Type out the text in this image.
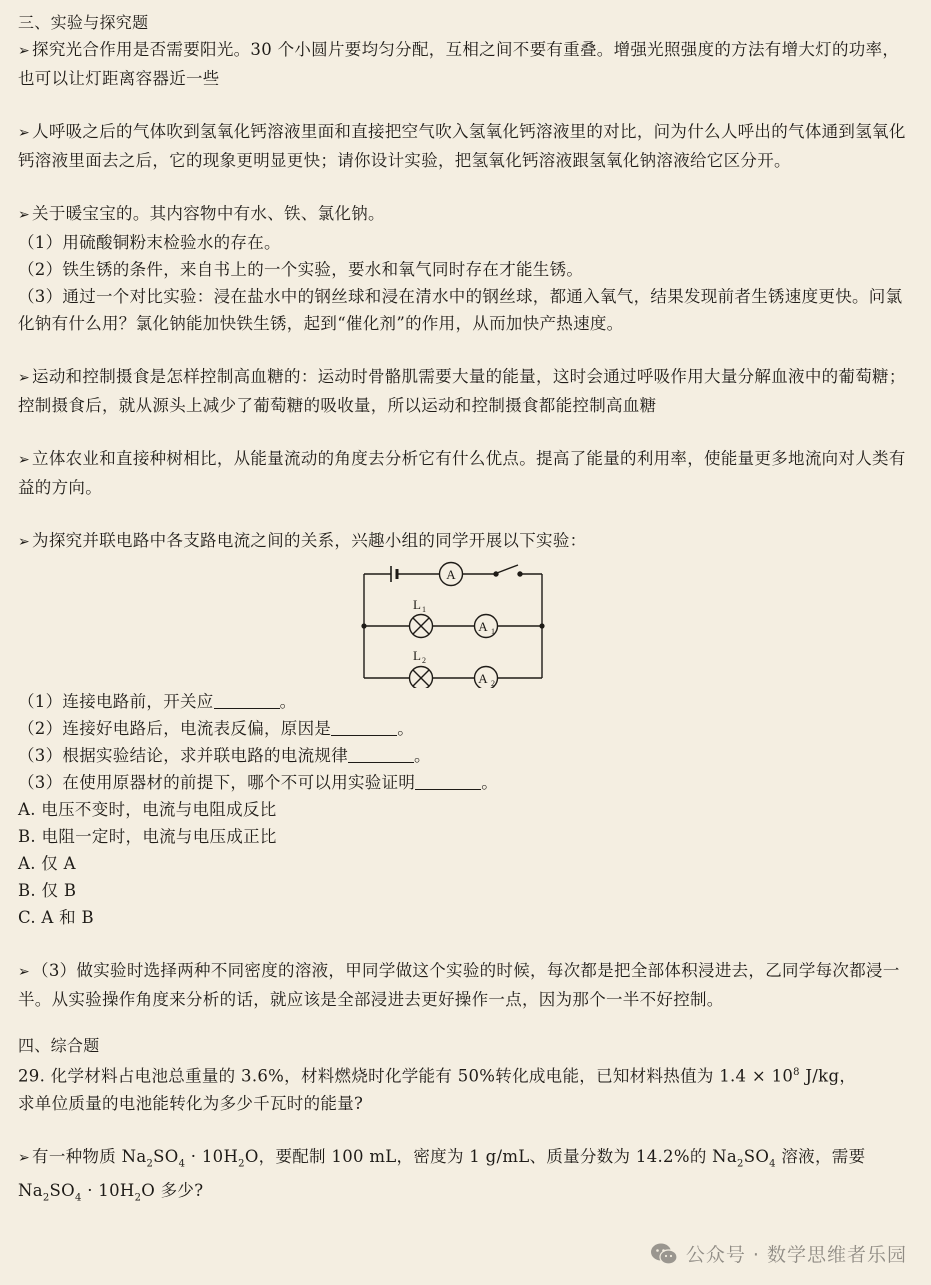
三、实验与探究题

➢ 探究光合作用是否需要阳光。30 个小圆片要均匀分配，互相之间不要有重叠。增强光照强度的方法有增大灯的功率，也可以让灯距离容器近一些

➢ 人呼吸之后的气体吹到氢氧化钙溶液里面和直接把空气吹入氢氧化钙溶液里的对比，问为什么人呼出的气体通到氢氧化钙溶液里面去之后，它的现象更明显更快；请你设计实验，把氢氧化钙溶液跟氢氧化钠溶液给它区分开。

➢ 关于暖宝宝的。其内容物中有水、铁、氯化钠。

（1）用硫酸铜粉末检验水的存在。

（2）铁生锈的条件，来自书上的一个实验，要水和氧气同时存在才能生锈。

（3）通过一个对比实验：浸在盐水中的钢丝球和浸在清水中的钢丝球，都通入氧气，结果发现前者生锈速度更快。问氯化钠有什么用？氯化钠能加快铁生锈，起到“催化剂”的作用，从而加快产热速度。

➢ 运动和控制摄食是怎样控制高血糖的：运动时骨骼肌需要大量的能量，这时会通过呼吸作用大量分解血液中的葡萄糖；控制摄食后，就从源头上减少了葡萄糖的吸收量，所以运动和控制摄食都能控制高血糖

➢ 立体农业和直接种树相比，从能量流动的角度去分析它有什么优点。提高了能量的利用率，使能量更多地流向对人类有益的方向。

➢ 为探究并联电路中各支路电流之间的关系，兴趣小组的同学开展以下实验：

A
A 1
A 2
L 1
L 2

（1）连接电路前，开关应	。

（2）连接好电路后，电流表反偏，原因是	。

（3）根据实验结论，求并联电路的电流规律	。

（3）在使用原器材的前提下，哪个不可以用实验证明	。

A. 电压不变时，电流与电阻成反比

B. 电阻一定时，电流与电压成正比

A. 仅 A

B. 仅 B

C. A 和 B

➢ （3）做实验时选择两种不同密度的溶液，甲同学做这个实验的时候，每次都是把全部体积浸进去，乙同学每次都浸一半。从实验操作角度来分析的话，就应该是全部浸进去更好操作一点，因为那个一半不好控制。

四、综合题

29. 化学材料占电池总重量的 3.6%，材料燃烧时化学能有 50%转化成电能，已知材料热值为 $1.4 \times 10^8$ J/kg，

求单位质量的电池能转化为多少千瓦时的能量?

➢ 有一种物质 $Na_2SO_4 \cdot 10H_2O$，要配制 100 mL，密度为 1 g/mL、质量分数为 14.2%的 $Na_2SO_4$ 溶液，需要
$Na_2SO_4 \cdot 10H_2O$ 多少?

公众号 · 数学思维者乐园
